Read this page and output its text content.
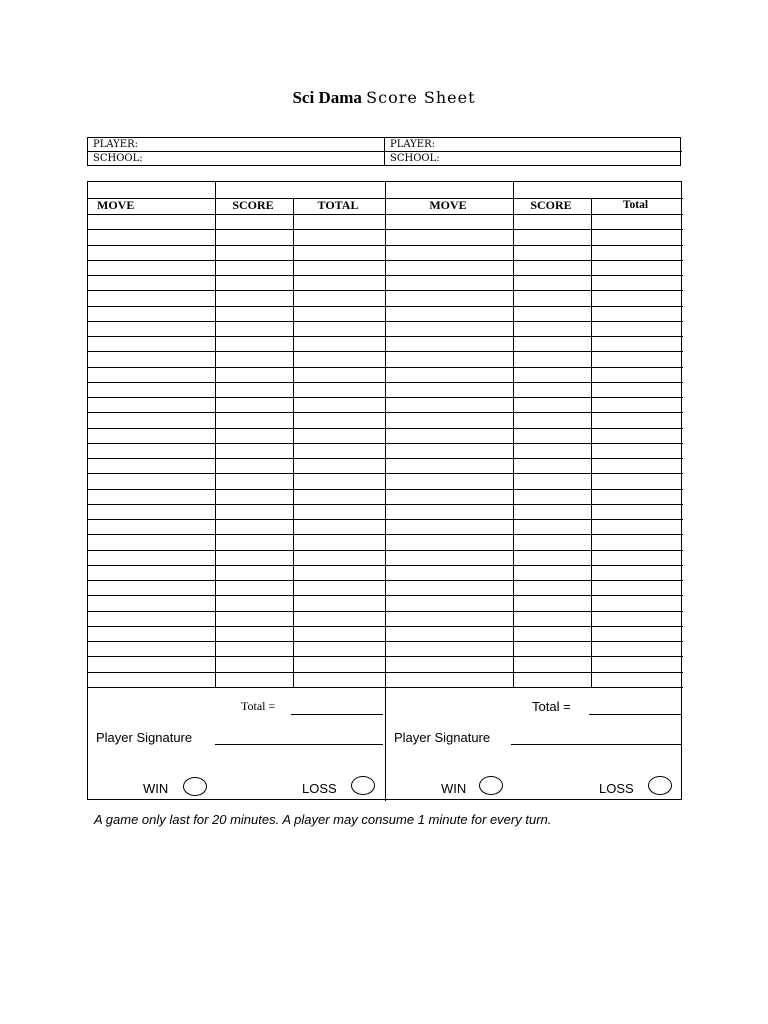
Sci Dama Score Sheet
PLAYER:
SCHOOL:
PLAYER:
SCHOOL:
MOVE	SCORE	TOTAL	MOVE	SCORE	Total
Total =
Player Signature
WIN	LOSS
Total =
Player Signature
WIN	LOSS
A game only last for 20 minutes. A player may consume 1 minute for every turn.
